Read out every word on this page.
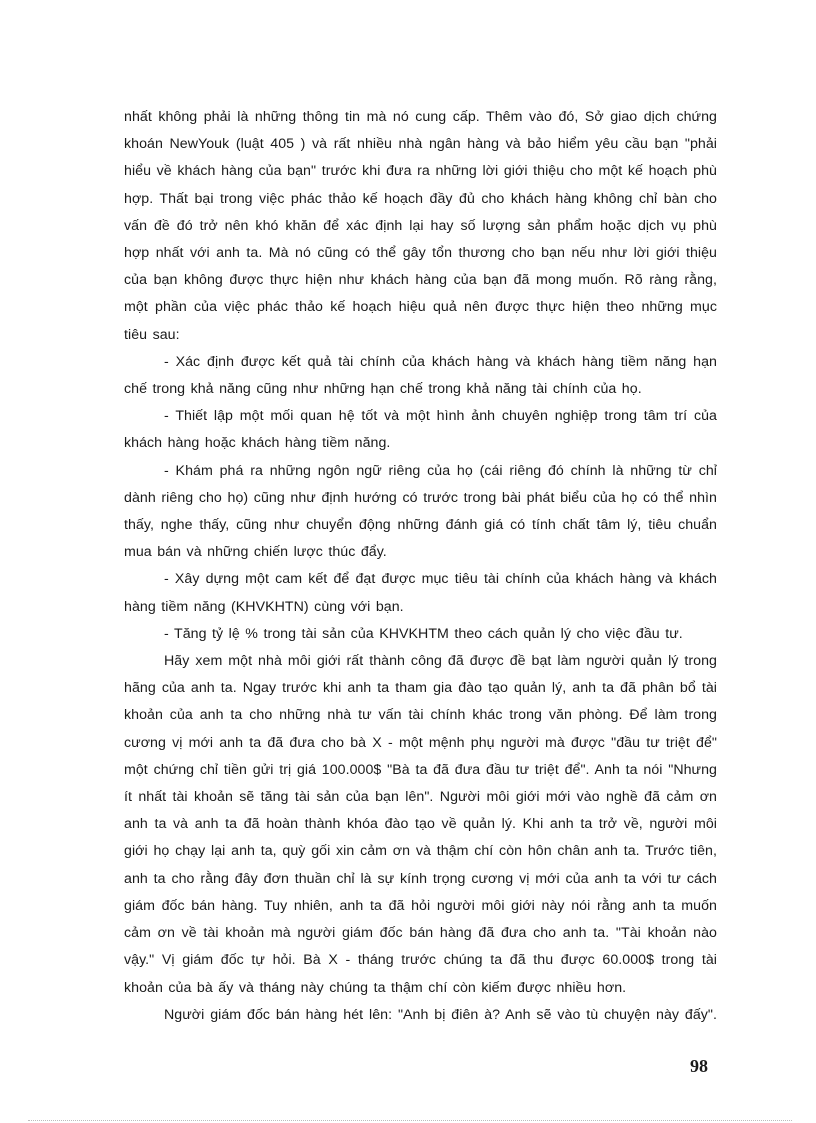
nhất không phải là những thông tin mà nó cung cấp. Thêm vào đó, Sở giao dịch chứng khoán NewYouk (luật 405 ) và rất nhiều nhà ngân hàng và bảo hiểm yêu cầu bạn "phải hiểu về khách hàng của bạn" trước khi đưa ra những lời giới thiệu cho một kế hoạch phù hợp. Thất bại trong việc phác thảo kế hoạch đầy đủ cho khách hàng không chỉ bàn cho vấn đề đó trở nên khó khăn để xác định lại hay số lượng sản phẩm hoặc dịch vụ phù hợp nhất với anh ta. Mà nó cũng có thể gây tổn thương cho bạn nếu như lời giới thiệu của bạn không được thực hiện như khách hàng của bạn đã mong muốn. Rõ ràng rằng, một phần của việc phác thảo kế hoạch hiệu quả nên được thực hiện theo những mục tiêu sau:

- Xác định được kết quả tài chính của khách hàng và khách hàng tiềm năng hạn chế trong khả năng cũng như những hạn chế trong khả năng tài chính của họ.

- Thiết lập một mối quan hệ tốt và một hình ảnh chuyên nghiệp trong tâm trí của khách hàng hoặc khách hàng tiềm năng.

- Khám phá ra những ngôn ngữ riêng của họ (cái riêng đó chính là những từ chỉ dành riêng cho họ) cũng như định hướng có trước trong bài phát biểu của họ có thể nhìn thấy, nghe thấy, cũng như chuyển động những đánh giá có tính chất tâm lý, tiêu chuẩn mua bán và những chiến lược thúc đẩy.

- Xây dựng một cam kết để đạt được mục tiêu tài chính của khách hàng và khách hàng tiềm năng (KHVKHTN) cùng với bạn.

- Tăng tỷ lệ % trong tài sản của KHVKHTM theo cách quản lý cho việc đầu tư.

Hãy xem một nhà môi giới rất thành công đã được đề bạt làm người quản lý trong hãng của anh ta. Ngay trước khi anh ta tham gia đào tạo quản lý, anh ta đã phân bổ tài khoản của anh ta cho những nhà tư vấn tài chính khác trong văn phòng. Để làm trong cương vị mới anh ta đã đưa cho bà X - một mệnh phụ người mà được "đầu tư triệt để" một chứng chỉ tiền gửi trị giá 100.000$ "Bà ta đã đưa đầu tư triệt để". Anh ta nói "Nhưng ít nhất tài khoản sẽ tăng tài sản của bạn lên". Người môi giới mới vào nghề đã cảm ơn anh ta và anh ta đã hoàn thành khóa đào tạo về quản lý. Khi anh ta trở về, người môi giới họ chạy lại anh ta, quỳ gối xin cảm ơn và thậm chí còn hôn chân anh ta. Trước tiên, anh ta cho rằng đây đơn thuần chỉ là sự kính trọng cương vị mới của anh ta với tư cách giám đốc bán hàng. Tuy nhiên, anh ta đã hỏi người môi giới này nói rằng anh ta muốn cảm ơn về tài khoản mà người giám đốc bán hàng đã đưa cho anh ta. "Tài khoản nào vậy." Vị giám đốc tự hỏi. Bà X - tháng trước chúng ta đã thu được 60.000$ trong tài khoản của bà ấy và tháng này chúng ta thậm chí còn kiếm được nhiều hơn.

Người giám đốc bán hàng hét lên: "Anh bị điên à? Anh sẽ vào tù chuyện này đấy".

98
